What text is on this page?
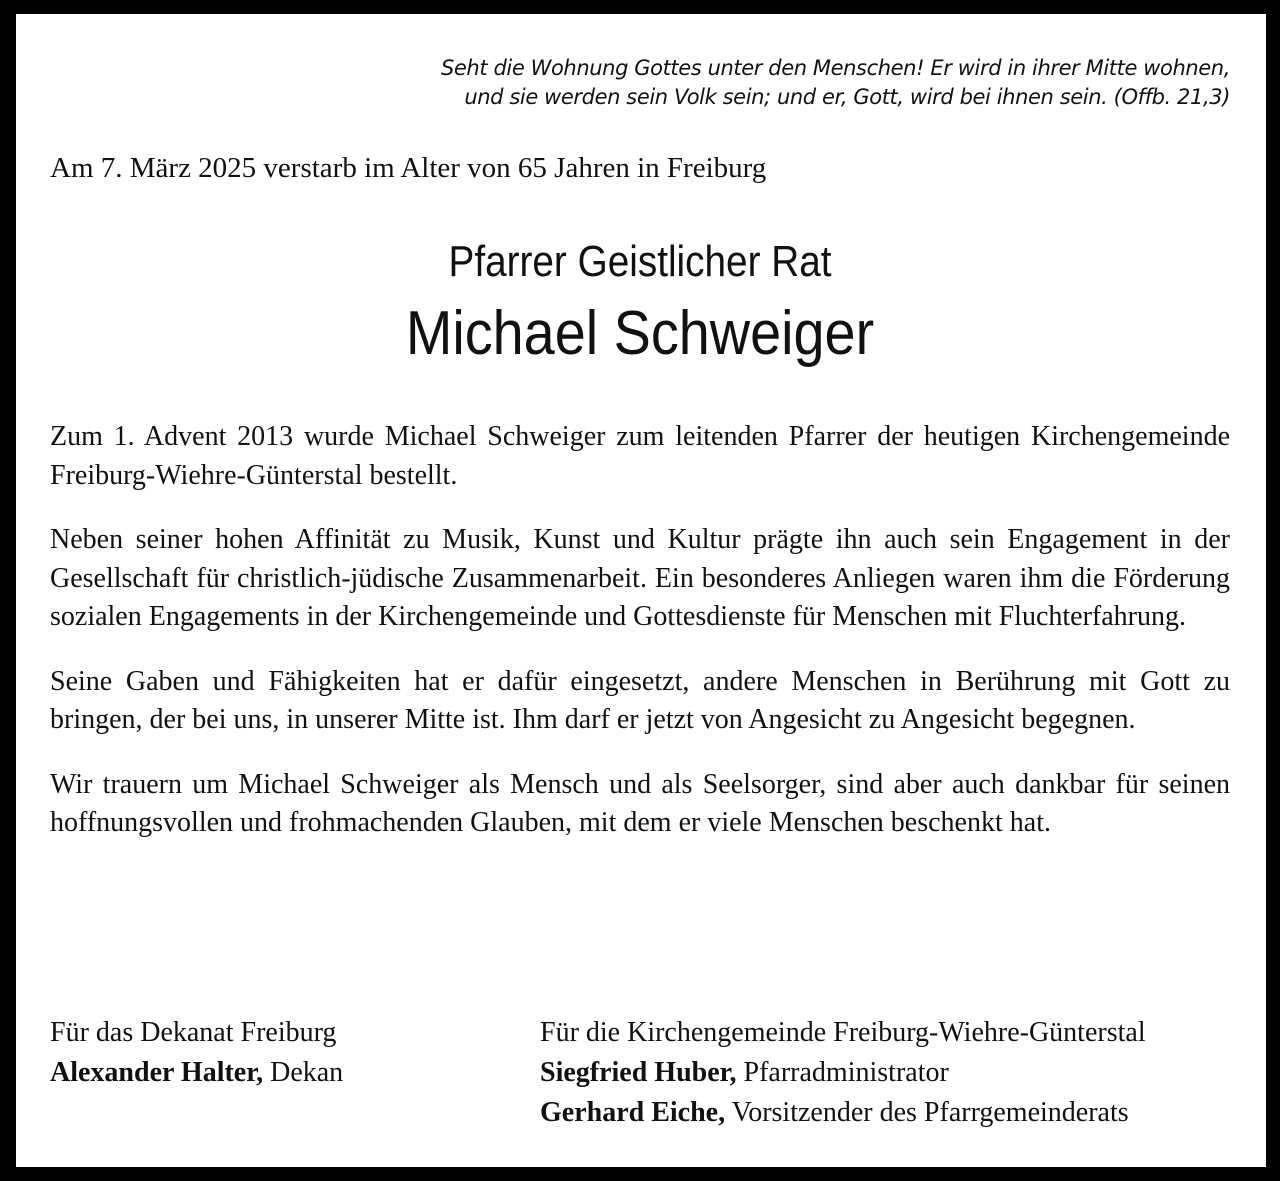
Seht die Wohnung Gottes unter den Menschen! Er wird in ihrer Mitte wohnen,
und sie werden sein Volk sein; und er, Gott, wird bei ihnen sein. (Offb. 21,3)
Am 7. März 2025 verstarb im Alter von 65 Jahren in Freiburg
Pfarrer Geistlicher Rat
Michael Schweiger

Zum 1. Advent 2013 wurde Michael Schweiger zum leitenden Pfarrer der heutigen Kirchengemeinde Freiburg-Wiehre-Günterstal bestellt.

Neben seiner hohen Affinität zu Musik, Kunst und Kultur prägte ihn auch sein Engagement in der Gesellschaft für christlich-jüdische Zusammenarbeit. Ein besonderes Anliegen waren ihm die Förderung sozialen Engagements in der Kirchengemeinde und Gottesdienste für Menschen mit Fluchterfahrung.

Seine Gaben und Fähigkeiten hat er dafür eingesetzt, andere Menschen in Berührung mit Gott zu bringen, der bei uns, in unserer Mitte ist. Ihm darf er jetzt von Angesicht zu Angesicht begegnen.

Wir trauern um Michael Schweiger als Mensch und als Seelsorger, sind aber auch dankbar für seinen hoffnungsvollen und frohmachenden Glauben, mit dem er viele Menschen beschenkt hat.

Für das Dekanat Freiburg
Alexander Halter, Dekan
Für die Kirchengemeinde Freiburg-Wiehre-Günterstal
Siegfried Huber, Pfarradministrator
Gerhard Eiche, Vorsitzender des Pfarrgemeinderats
